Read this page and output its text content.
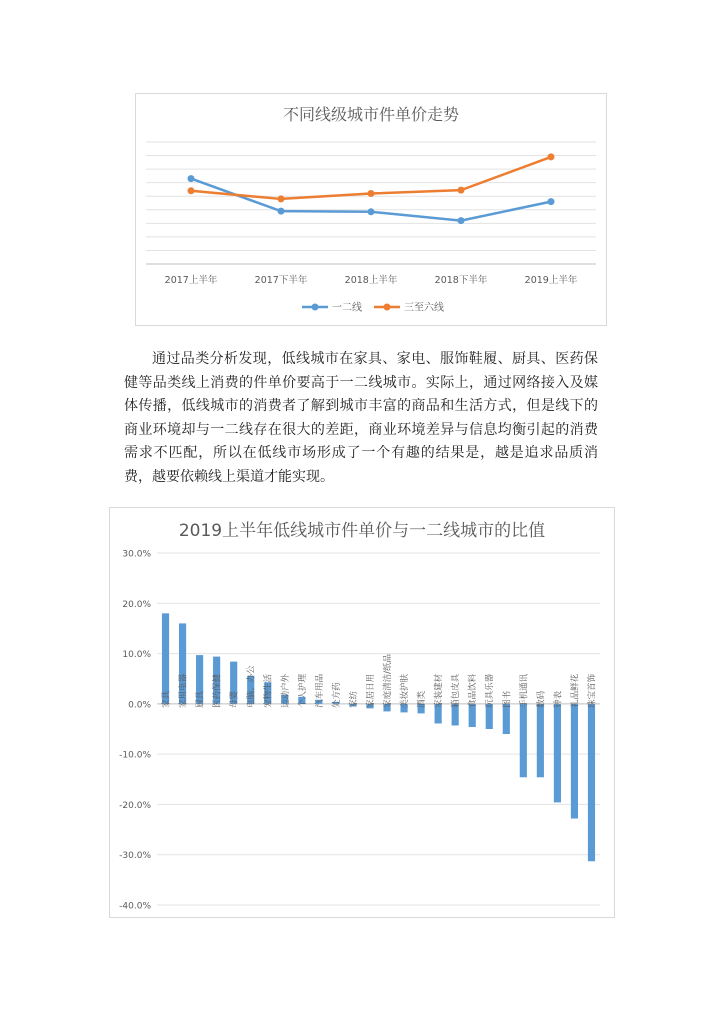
不同线级城市件单价走势
2017上半年	2017下半年	2018上半年	2018下半年	2019上半年
一二线	三至六线
通过品类分析发现，低线城市在家具、家电、服饰鞋履、厨具、医药保健等品类线上消费的件单价要高于一二线城市。实际上，通过网络接入及媒体传播，低线城市的消费者了解到城市丰富的商品和生活方式，但是线下的商业环境却与一二线存在很大的差距，商业环境差异与信息均衡引起的消费需求不匹配，所以在低线市场形成了一个有趣的结果是，越是追求品质消费，越要依赖线上渠道才能实现。
2019上半年低线城市件单价与一二线城市的比值
30.0%
20.0%
10.0%
0.0%
-10.0%
-20.0%
-30.0%
-40.0%
家具 家用电器 厨具 医药保健 母婴 电脑、办公 宠物生活 运动户外 个人护理 汽车用品 处方药 家纺 家居日用 家庭清洁/纸品 美妆护肤 酒类 家装建材 箱包皮具 食品饮料 玩具乐器 图书 手机通讯 数码 钟表 礼品鲜花 珠宝首饰
